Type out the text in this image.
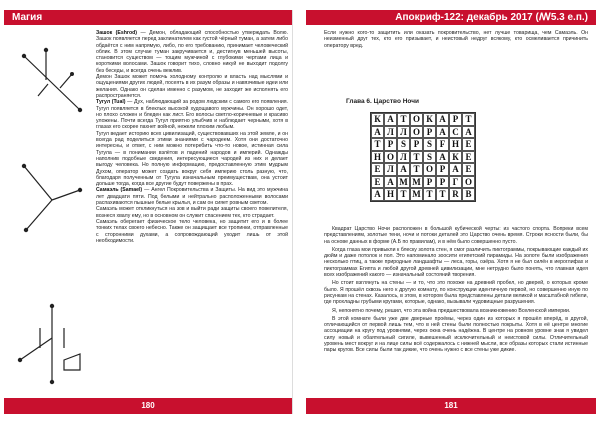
Магия

Зашок (Eshrod) — Демон, обладающий способностью утверждать Волю. Зашок появляется перед заклинателем как густой чёрный туман, а затем либо обдаётся с ним напрямую, либо, по его требованию, принимает человеческий облик. В этом случае туман закручивается и, дестигнув меньшей высоты, становится существом — тощим мужчиной с глубокими чертами лица и короткими волосами. Зашок говорит тихо, словно никуй не выходит подолгу без беседы, и всегда очень вежлив.

Демон Зашок может помочь холодному контролю и власть над мыслями и ощущениями других людей, посеять в их разум образы и навязчивые идеи или желания. Однако он сделан именно с разумом, не заходит же исполнять его распространяется.

Тугул (Tual) — Дух, наблюдающий за родом людским с самого его появления. Тугул появляется в блеклых высокой худощавого мужчины. Он хорошо одет, но плохо сложен и бледен как лист. Его волосы светло-коричневые и красиво уложены. Почти всегда Тугул приятно улыбчив и наблюдает черными, хотя в глазах его скорее пахнет войной, нежели плохим любым.

Тугул ведает историю всех цивилизаций, существовавших на этой земле, и он всегда рад поделиться этими знаниями с чародеем. Хотя они достаточно интересны, и ответ, с ним можно потеребить что-то новое, истинная сила Тугула — в понимании взлётов и падений народов и империй. Однажды наполнив подобные сведения, интересующиеся чародей из них и делает выгоду человека. Но полную информацию, предоставленную этим мудрым Духом, оператор может создать вокруг себя империю столь разную, что, благодаря полученным от Тугула изначальным преимуществам, она устоит дольше тогда, когда все другие будут повержены в прах.

Самаэль (Samael) — Ангел Покровительства и Защиты. На вид это мужчина лет двадцати пяти. Под белыми и нейтрально расположенными волосами распахиваются пышные белые крылья, и сам он сияет ровным светом.

Самаэль может откликнуться на зов и выйти ради защиты своего повелителя, вознеся хвалу ему, но в основном он служит спасением тех, кто страдает.

Самаэль оберегает физическое тело человека, но защитит его и в более тонких телах своего небесно. Также он защищает все тропинки, отправленные с сторонними духами, а сопровождающий уходит лишь от этой необходимости.

180
Апокриф-122: декабрь 2017 (ꟿ5.3 е.п.)

Если нужно кого-то защитить или оказать покровительство, нет лучше товарища, чем Самаэль. Он неизменный друг тех, кто его призывает, и неистовый недруг всякому, кто осмеливается причинить оператору вред.

Глава 6. Царство Ночи
К А Т О К А Р Т
А Л Л О Р А С А
Т Р S Р S F Н Е
Н О Л Т S А К Е
Е Л А Т О Р А Е
Е А М М Р Р Г О
А Н Т М Т Т R В

Квадрат Царство Ночи расположен в большой кубической черты: из частого спорта. Вопреки всем представлениям, золотые тени, ночи и потоки деталей это Царство очень время. Строки ясности были, бы на основе данных в форме (А.Б по правилам), и в нём было совершенно пусто.

Когда глаза мои привыкли к блеску золота стен, я смог различить пиктограммы, покрывающие каждый их дюйм и даже потолок и пол. Это напоминало зоосити египетский пирамиды. На золоте были изображения несколько птиц, а также природные ландшафты — леса, горы, озёра. Хотя я не был силён в иероглифах и пиктограммах Египта и любой другой древней цивилизации, мне нетрудно было понять, что главная идея всех изображений какого — изначальный состояний творения.

Но стоит взглянуть на стены — и то, что это похоже на древний пробел, но дверей, о которых кроме было. Я прошёл сквозь него к другую комнату, по конструкции идентичную первой, но совершенно иную по рисункам на стенах. Казалось, в этом, в котором была представлены детали великой и масштабной гибели, где прохладны грубыми кругами, которые, однако, вызывали чудовищные разрушения.

Я, непонятно почему, решил, что эта война предшествовала возникновению Вселенской империи.

В этой комнате были уже две дверные проёмы, через один из которых я прошёл вперёд, в другой, отличающийся от первой лишь тем, что в ней стены были полностью покрыты. Хотя в её центре многие ассоциации на кругу под уровнями, через окна очень надёжна. В центре на ровном уровне знак я увидел силу новый и обаятельный сигиле, вывешенный исключительный и неистовой силы. Отличительный уровень мест вокруг и на лице силы всё содержалось с нижней мысли, все образы которых стали истинные пары кругов. Все силы были так дикие, что очень нужно с все стены уже дикие.

181
